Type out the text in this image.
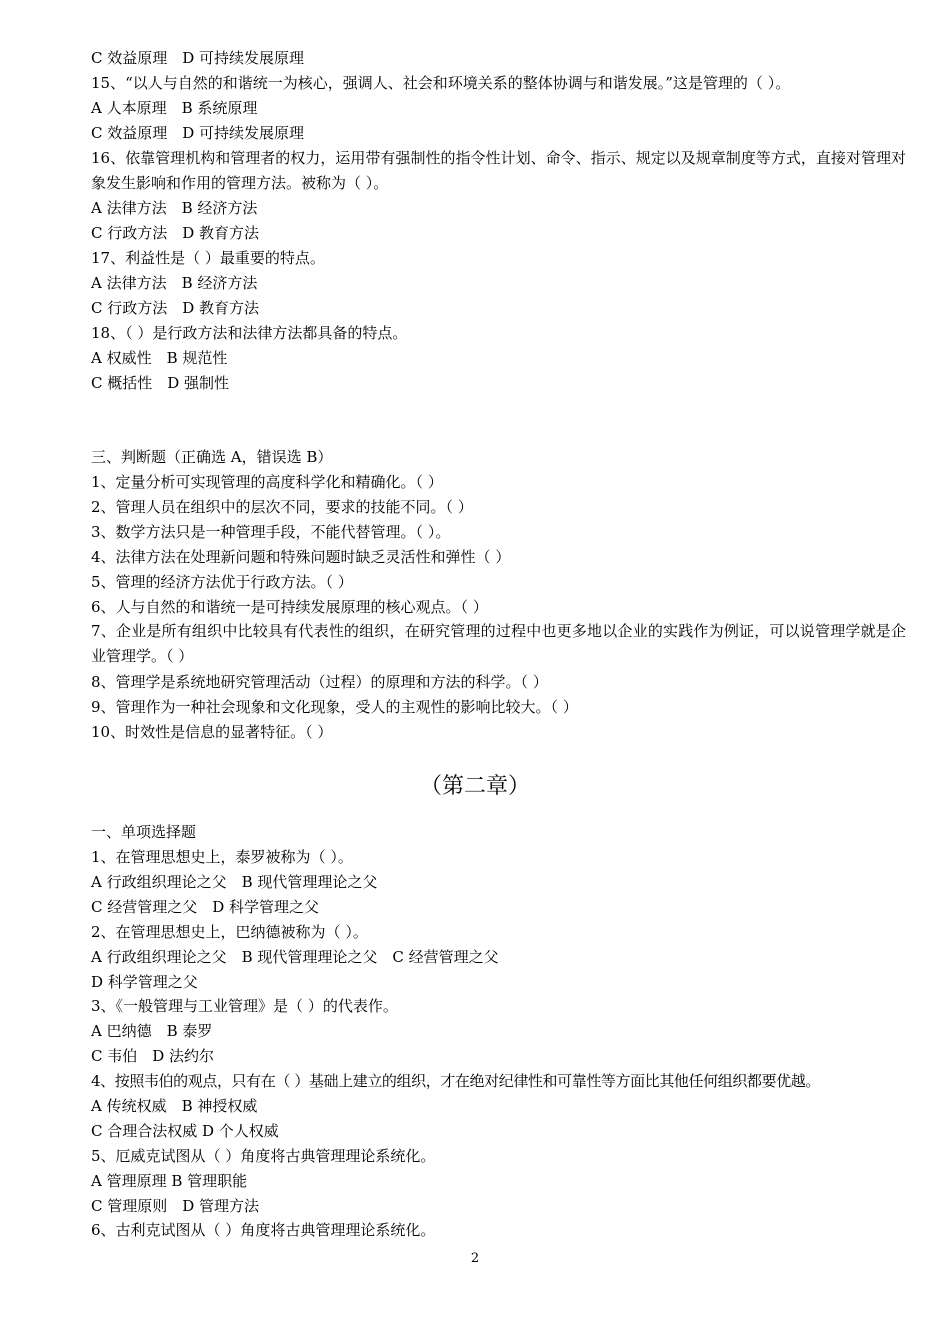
C 效益原理　D 可持续发展原理
15、“以人与自然的和谐统一为核心，强调人、社会和环境关系的整体协调与和谐发展。”这是管理的（ ）。
A 人本原理　B 系统原理
C 效益原理　D 可持续发展原理
16、依靠管理机构和管理者的权力，运用带有强制性的指令性计划、命令、指示、规定以及规章制度等方式，直接对管理对象发生影响和作用的管理方法。被称为（ ）。
A 法律方法　B 经济方法
C 行政方法　D 教育方法
17、利益性是（ ）最重要的特点。
A 法律方法　B 经济方法
C 行政方法　D 教育方法
18、（ ）是行政方法和法律方法都具备的特点。
A 权威性　B 规范性
C 概括性　D 强制性
三、判断题（正确选 A，错误选 B）
1、定量分析可实现管理的高度科学化和精确化。（ ）
2、管理人员在组织中的层次不同，要求的技能不同。（ ）
3、数学方法只是一种管理手段，不能代替管理。（ ）。
4、法律方法在处理新问题和特殊问题时缺乏灵活性和弹性（ ）
5、管理的经济方法优于行政方法。（ ）
6、人与自然的和谐统一是可持续发展原理的核心观点。（ ）
7、企业是所有组织中比较具有代表性的组织，在研究管理的过程中也更多地以企业的实践作为例证，可以说管理学就是企业管理学。（ ）
8、管理学是系统地研究管理活动（过程）的原理和方法的科学。（ ）
9、管理作为一种社会现象和文化现象，受人的主观性的影响比较大。（ ）
10、时效性是信息的显著特征。（ ）
（第二章）
一、单项选择题
1、在管理思想史上，泰罗被称为（ ）。
A 行政组织理论之父　B 现代管理理论之父
C 经营管理之父　D 科学管理之父
2、在管理思想史上，巴纳德被称为（ ）。
A 行政组织理论之父　B 现代管理理论之父　C 经营管理之父
D 科学管理之父
3、《一般管理与工业管理》是（ ）的代表作。
A 巴纳德　B 泰罗
C 韦伯　D 法约尔
4、按照韦伯的观点，只有在（ ）基础上建立的组织，才在绝对纪律性和可靠性等方面比其他任何组织都要优越。
A 传统权威　B 神授权威
C 合理合法权威 D 个人权威
5、厄威克试图从（ ）角度将古典管理理论系统化。
A 管理原理 B 管理职能
C 管理原则　D 管理方法
6、古利克试图从（ ）角度将古典管理理论系统化。
2
